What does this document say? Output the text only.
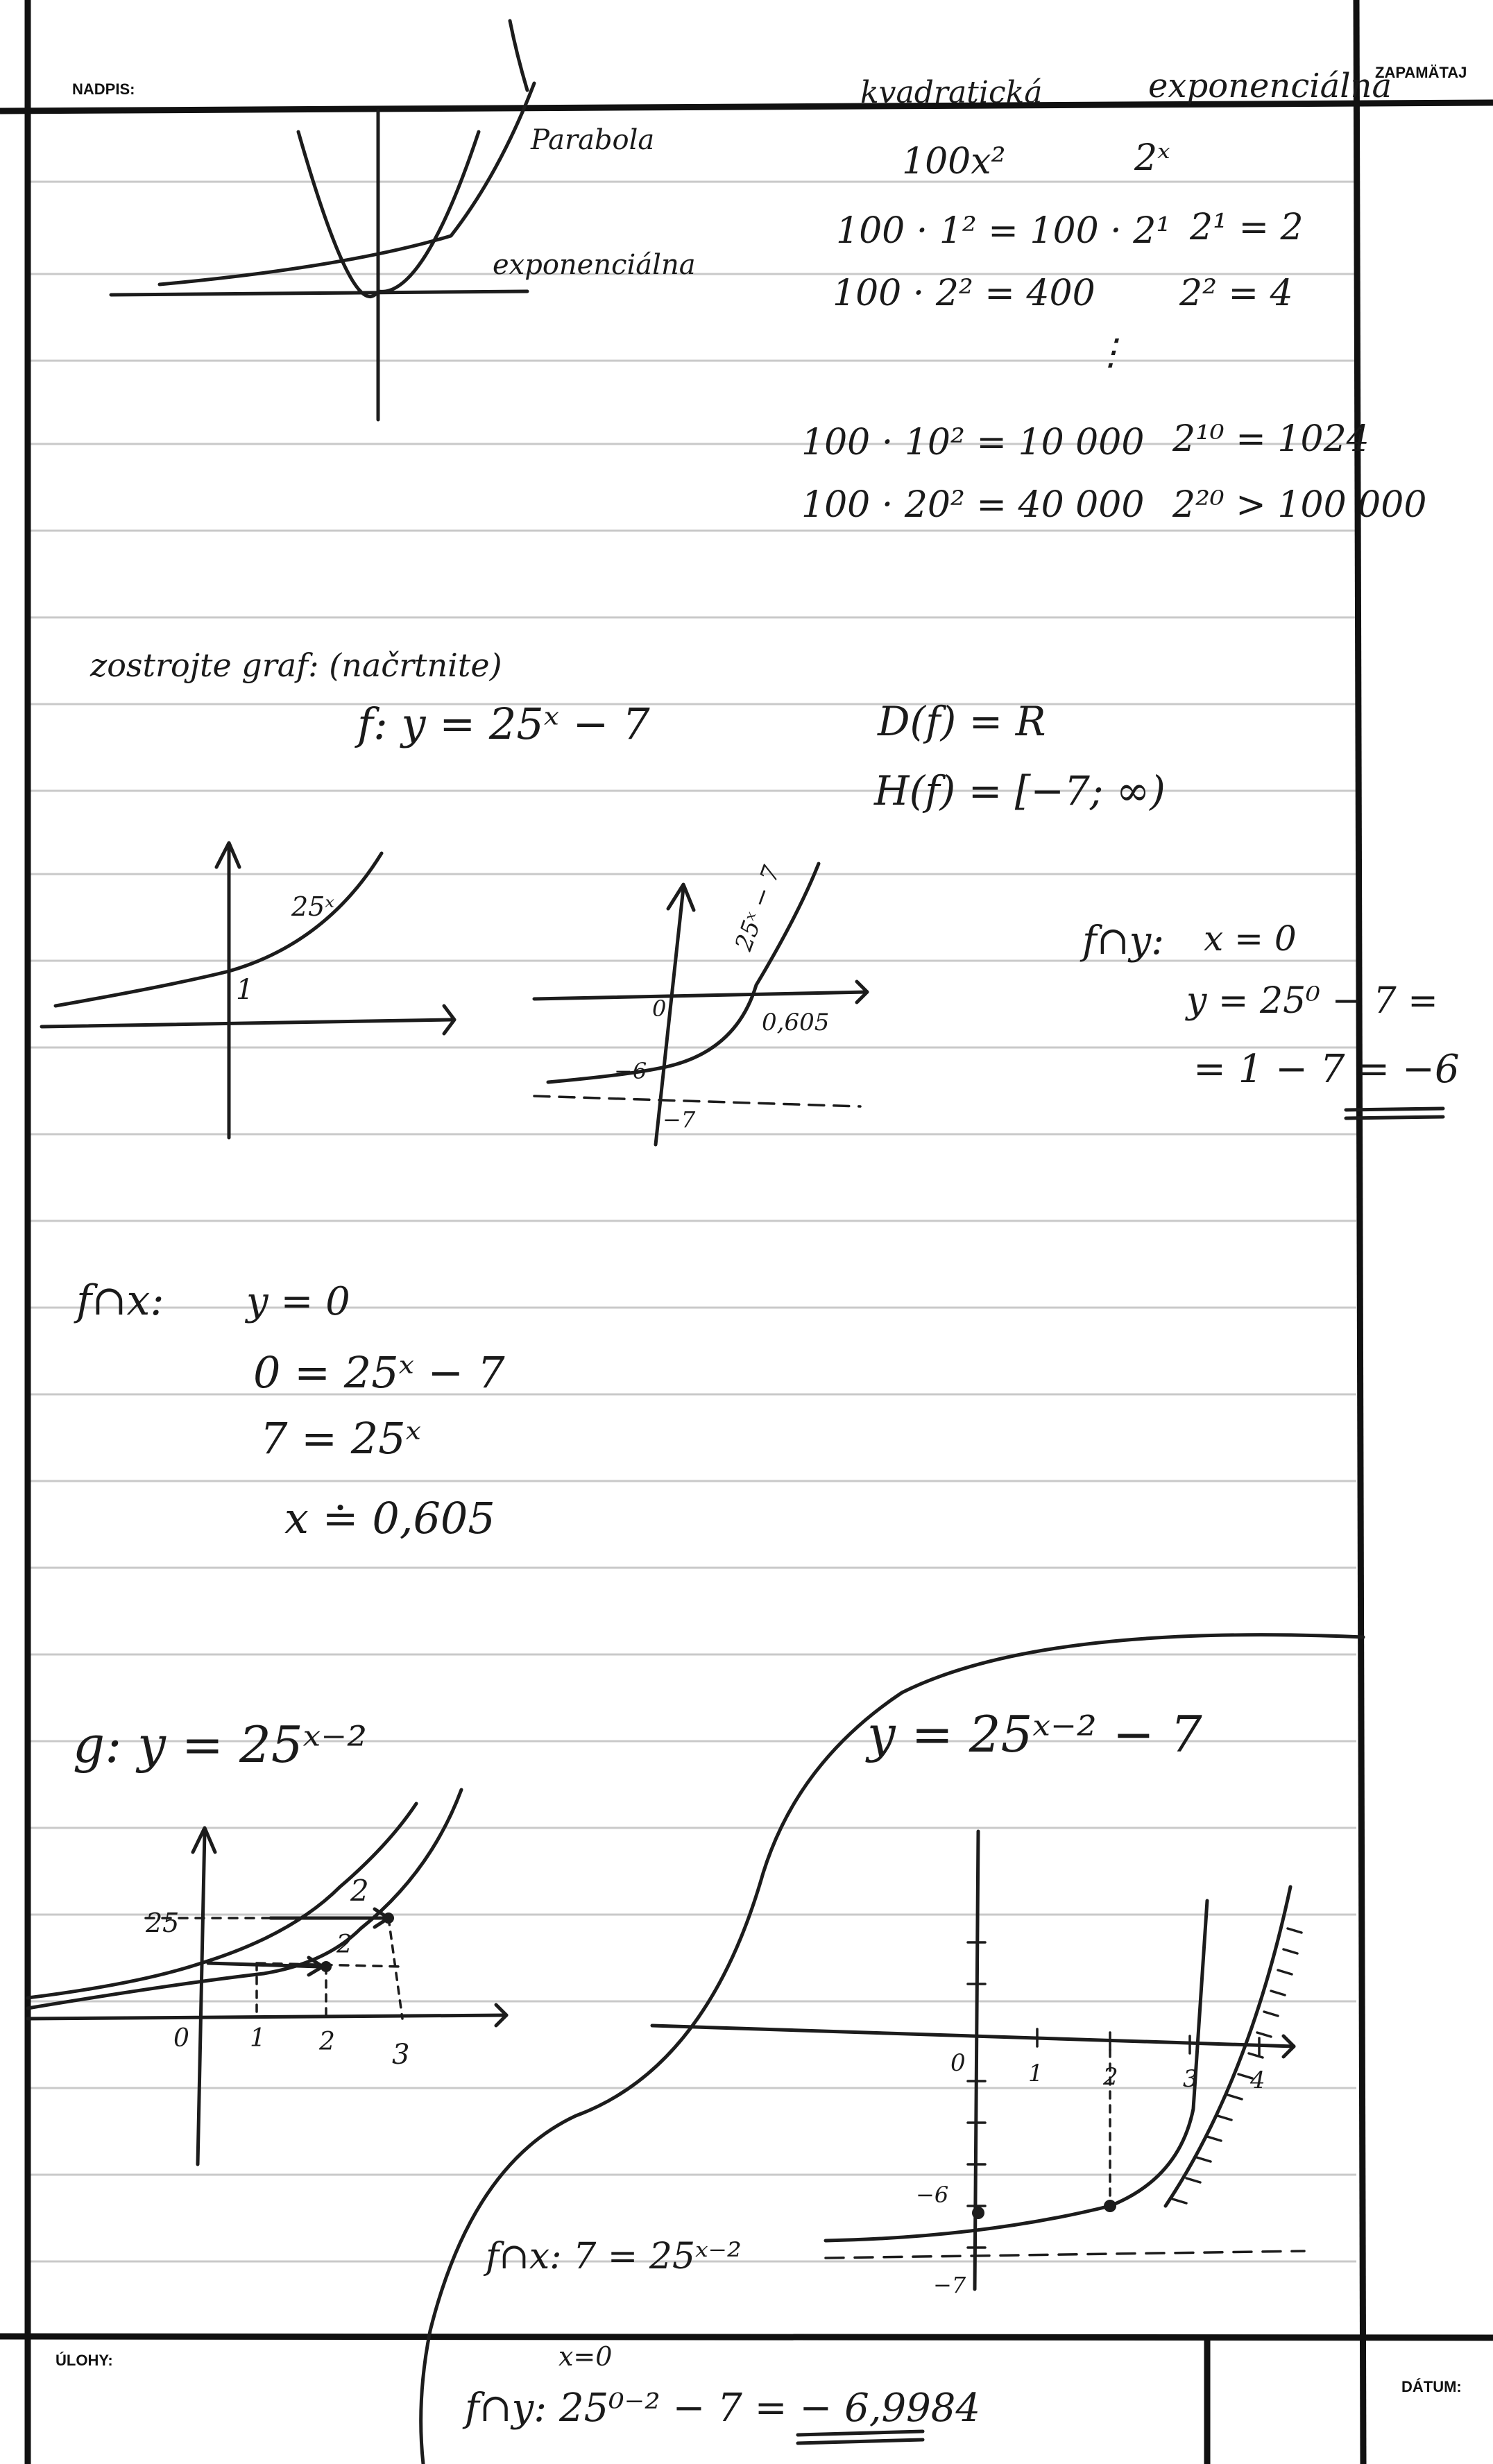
NADPIS:
ZAPAMÄTAJ
ÚLOHY:
DÁTUM:
Parabola
exponenciálna
kvadratická	exponenciálna
100x²	2ˣ
100 · 1² = 100 · 2¹ 2¹ = 2
100 · 2² = 400 2² = 4
⋮
100 · 10² = 10 000 2¹⁰ = 1024
100 · 20² = 40 000 2²⁰ > 100 000
zostrojte graf: (načrtnite)
f: y = 25ˣ − 7	D(f) = R
H(f) = [−7; ∞)
25ˣ
1
25ˣ − 7
0	0,605
−6
−7
f∩y: x = 0
y = 25⁰ − 7 =
= 1 − 7 = −6
f∩x: y = 0
0 = 25ˣ − 7
7 = 25ˣ
x ≐ 0,605
g: y = 25ˣ⁻²
25
0 1 2 3
2
2
y = 25ˣ⁻² − 7
0	1	2	3 4
−6
−7
f∩x: 7 = 25ˣ⁻²
x=0
f∩y: 25⁰⁻² − 7 = − 6,9984
